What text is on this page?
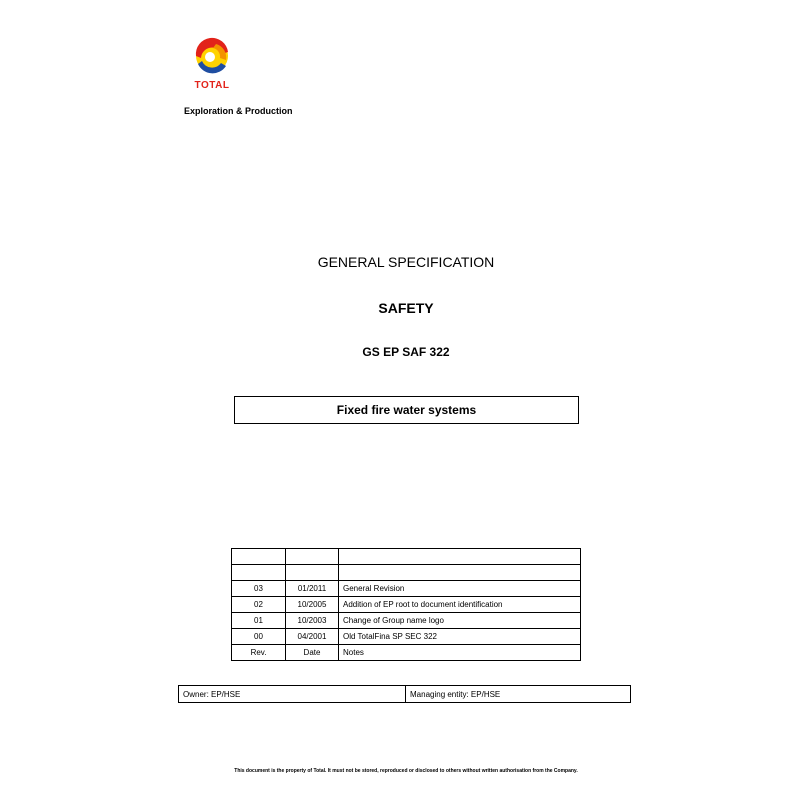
TOTAL
Exploration & Production
GENERAL SPECIFICATION
SAFETY
GS EP SAF 322
Fixed fire water systems

03	01/2011	General Revision
02	10/2005	Addition of EP root to document identification
01	10/2003	Change of Group name logo
00	04/2001	Old TotalFina SP SEC 322
Rev.	Date	Notes
Owner: EP/HSE	Managing entity: EP/HSE
This document is the property of Total. It must not be stored, reproduced or disclosed to others without written authorisation from the Company.
